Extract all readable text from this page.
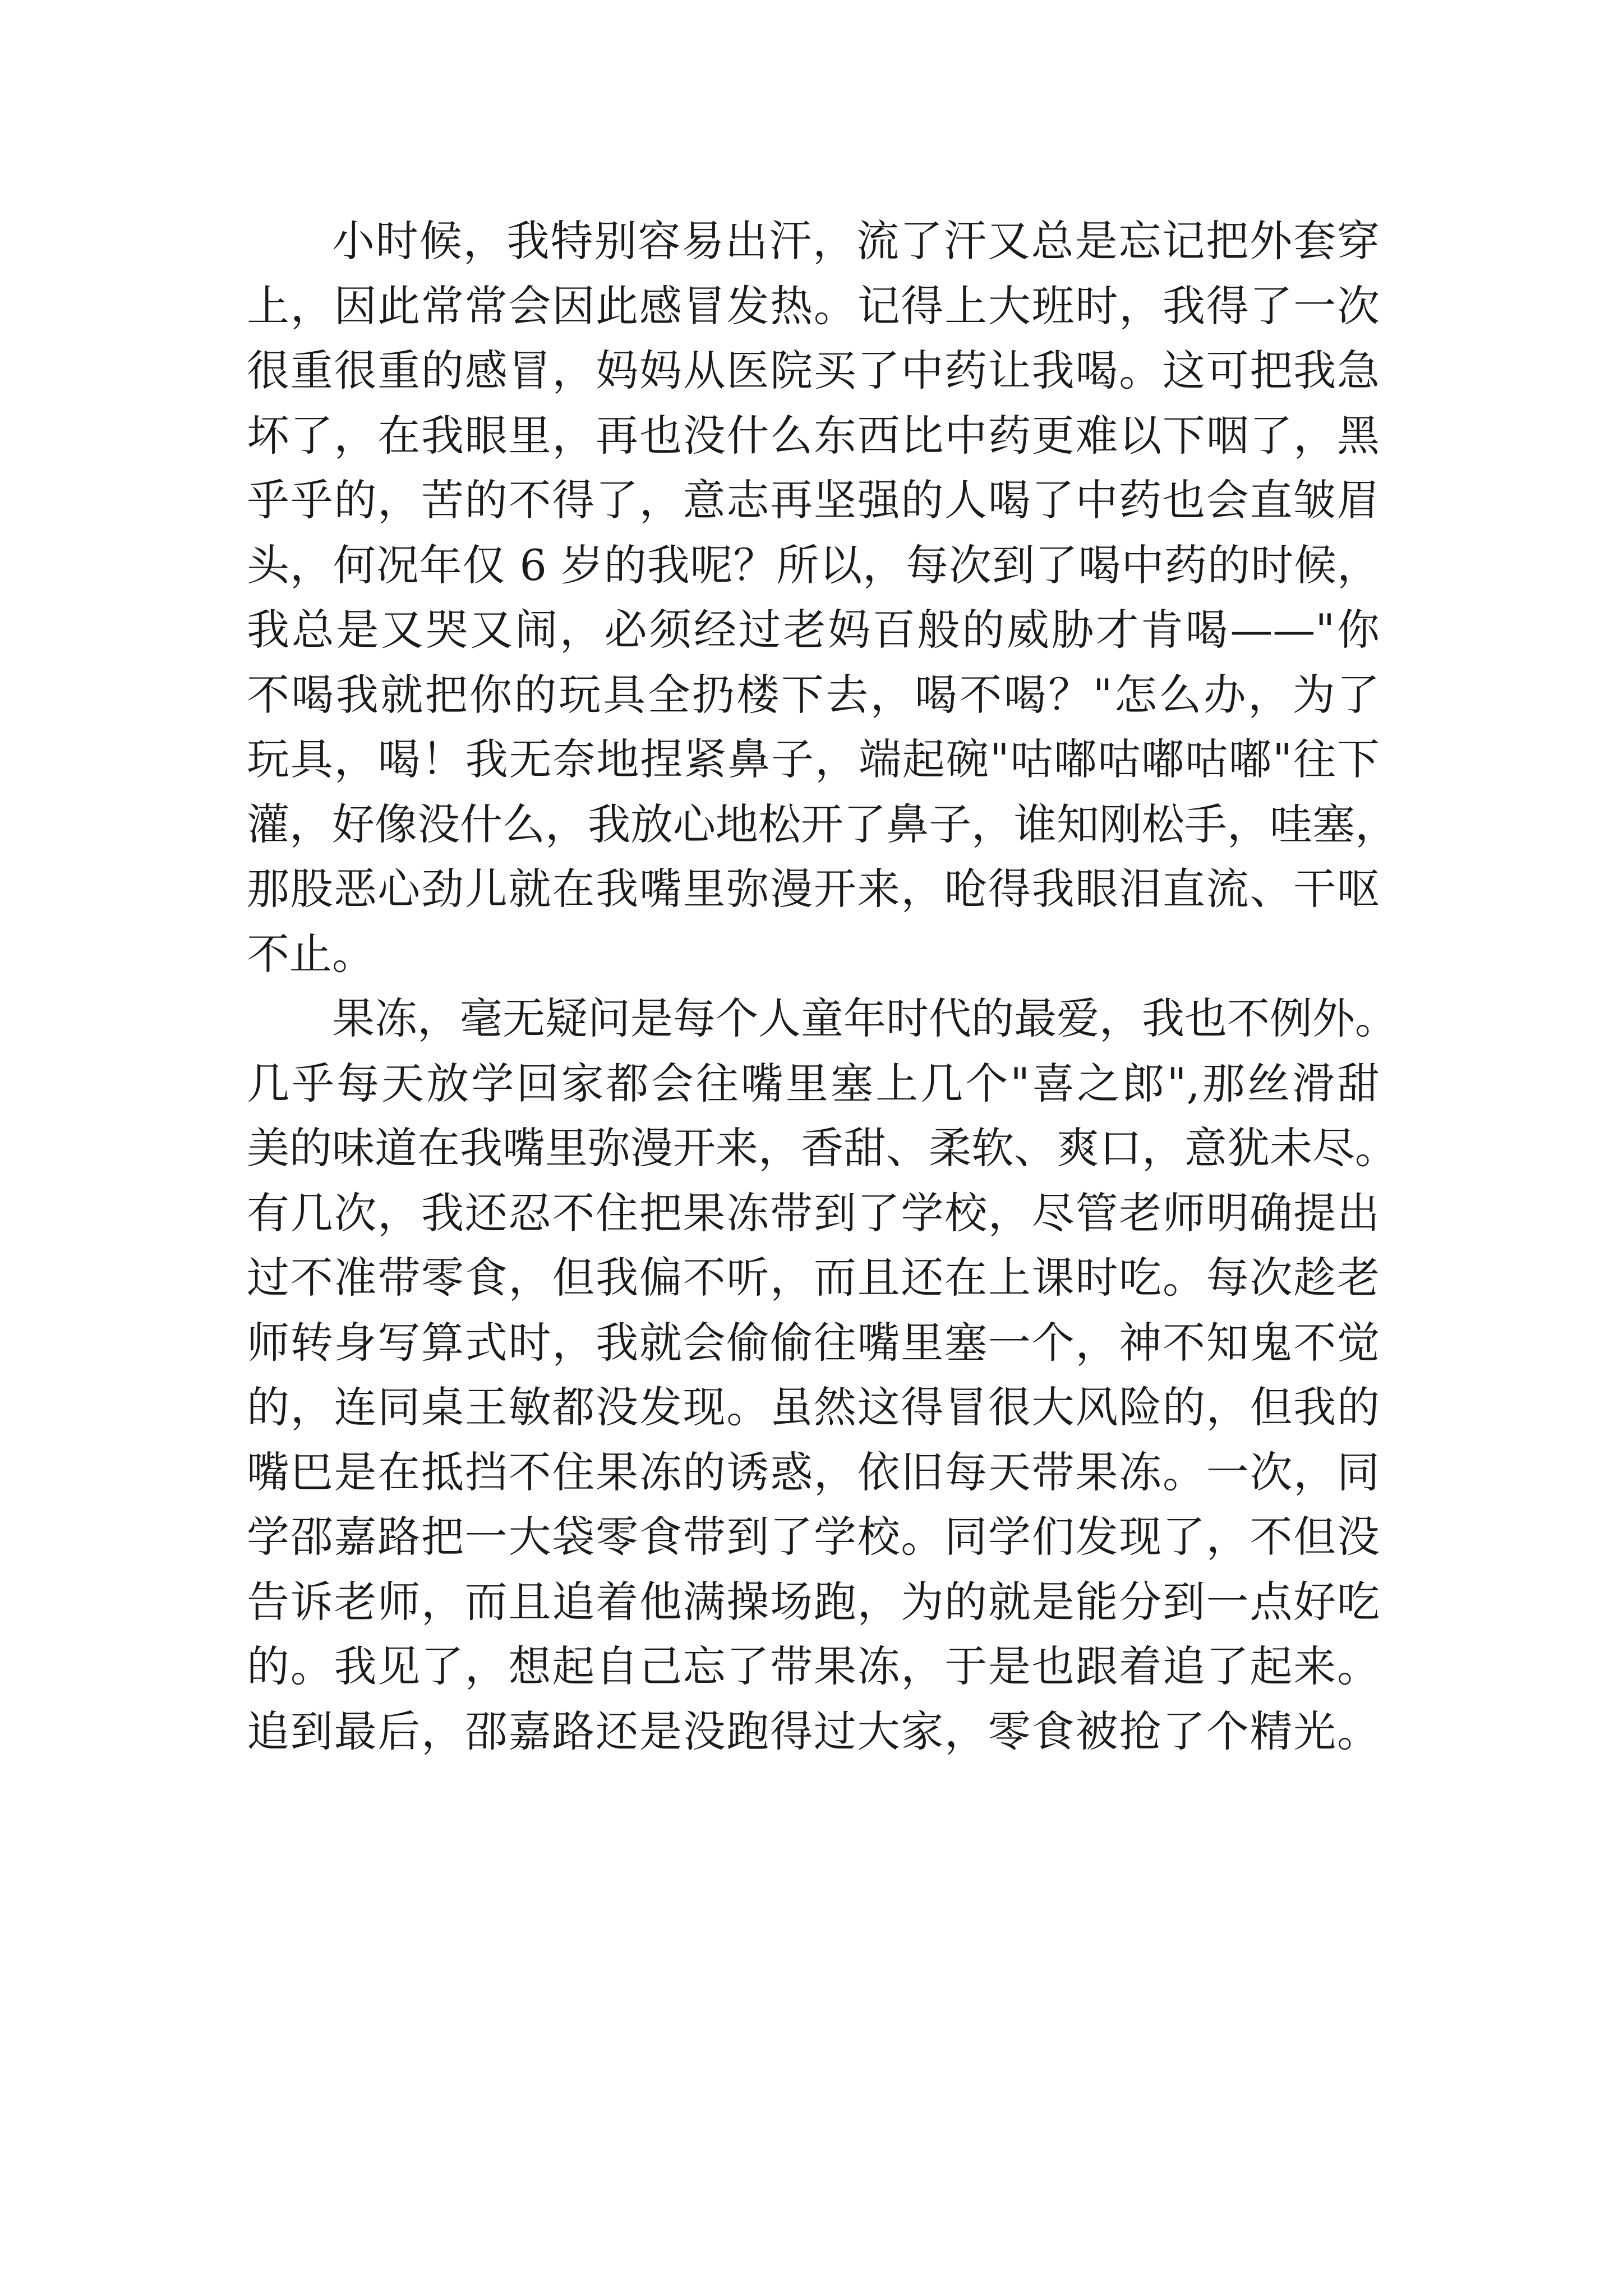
小时候，我特别容易出汗，流了汗又总是忘记把外套穿
上，因此常常会因此感冒发热。记得上大班时，我得了一次
很重很重的感冒，妈妈从医院买了中药让我喝。这可把我急
坏了，在我眼里，再也没什么东西比中药更难以下咽了，黑
乎乎的，苦的不得了，意志再坚强的人喝了中药也会直皱眉
头，何况年仅 6 岁的我呢？所以，每次到了喝中药的时候，
我总是又哭又闹，必须经过老妈百般的威胁才肯喝——"你
不喝我就把你的玩具全扔楼下去，喝不喝？"怎么办，为了
玩具，喝！我无奈地捏紧鼻子，端起碗"咕嘟咕嘟咕嘟"往下
灌，好像没什么，我放心地松开了鼻子，谁知刚松手，哇塞，
那股恶心劲儿就在我嘴里弥漫开来，呛得我眼泪直流、干呕
不止。
果冻，毫无疑问是每个人童年时代的最爱，我也不例外。
几乎每天放学回家都会往嘴里塞上几个"喜之郎",那丝滑甜
美的味道在我嘴里弥漫开来，香甜、柔软、爽口，意犹未尽。
有几次，我还忍不住把果冻带到了学校，尽管老师明确提出
过不准带零食，但我偏不听，而且还在上课时吃。每次趁老
师转身写算式时，我就会偷偷往嘴里塞一个，神不知鬼不觉
的，连同桌王敏都没发现。虽然这得冒很大风险的，但我的
嘴巴是在抵挡不住果冻的诱惑，依旧每天带果冻。一次，同
学邵嘉路把一大袋零食带到了学校。同学们发现了，不但没
告诉老师，而且追着他满操场跑，为的就是能分到一点好吃
的。我见了，想起自己忘了带果冻，于是也跟着追了起来。
追到最后，邵嘉路还是没跑得过大家，零食被抢了个精光。
